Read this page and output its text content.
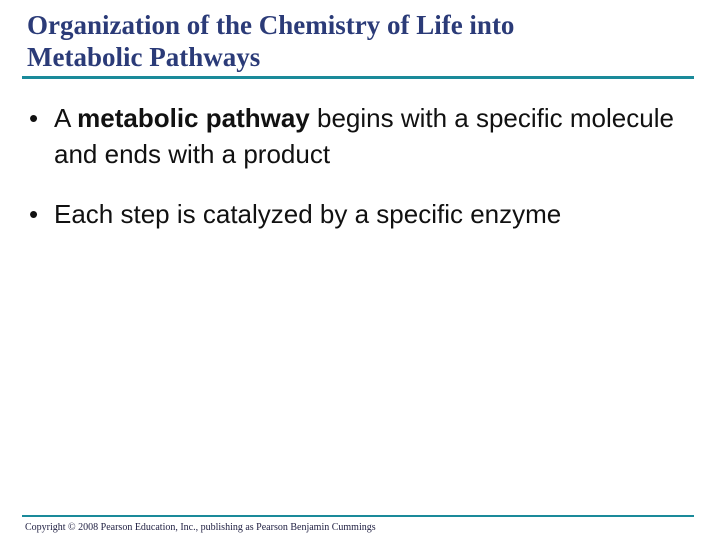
Organization of the Chemistry of Life into
Metabolic Pathways
• A metabolic pathway begins with a specific molecule and ends with a product
• Each step is catalyzed by a specific enzyme
Copyright © 2008 Pearson Education, Inc., publishing as Pearson Benjamin Cummings
